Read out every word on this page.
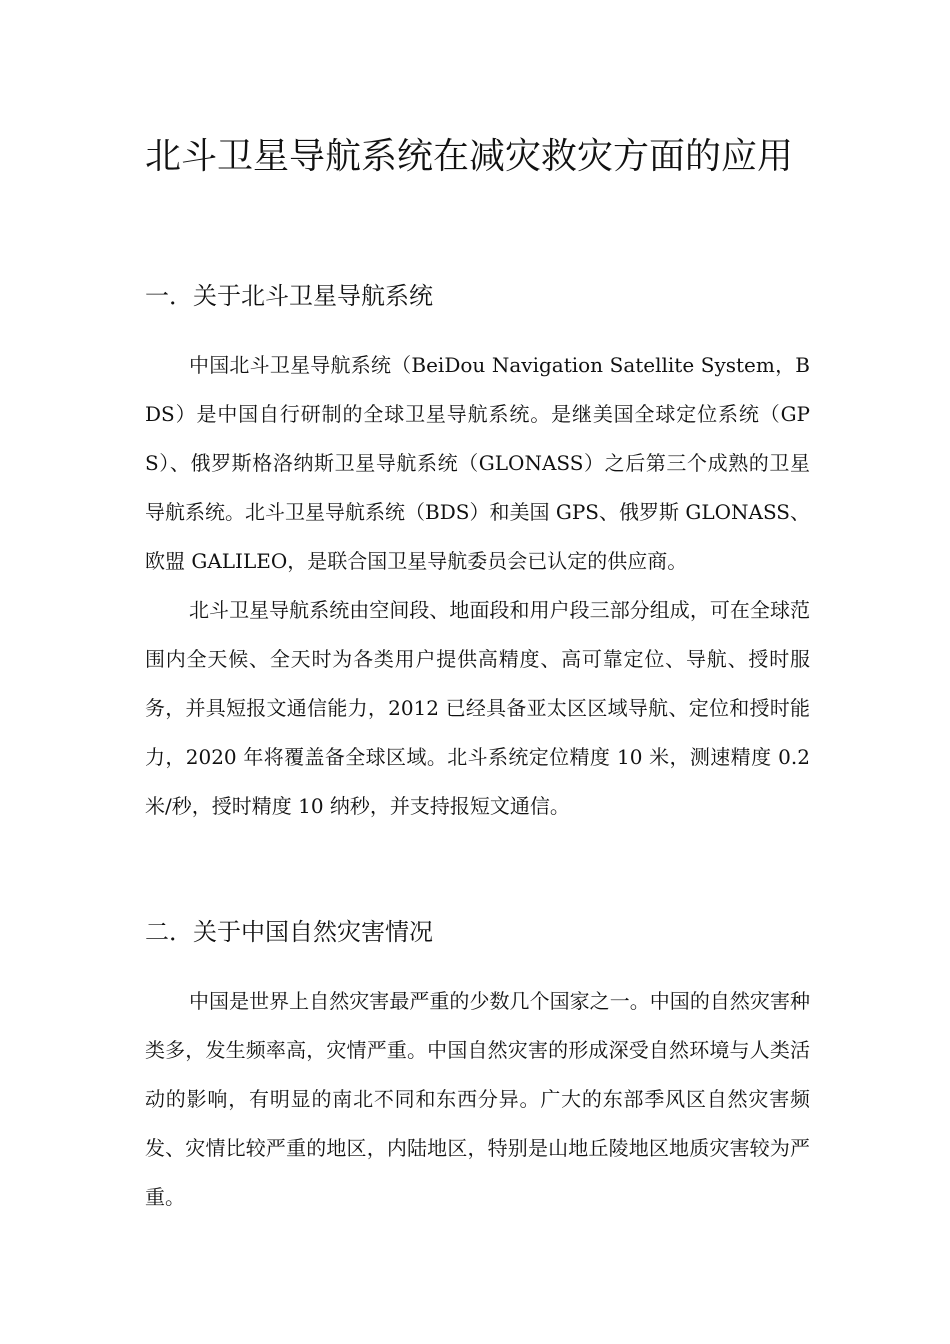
北斗卫星导航系统在减灾救灾方面的应用
一．关于北斗卫星导航系统

中国北斗卫星导航系统（BeiDou Navigation Satellite System，BDS）是中国自行研制的全球卫星导航系统。是继美国全球定位系统（GPS）、俄罗斯格洛纳斯卫星导航系统（GLONASS）之后第三个成熟的卫星导航系统。北斗卫星导航系统（BDS）和美国 GPS、俄罗斯 GLONASS、欧盟 GALILEO，是联合国卫星导航委员会已认定的供应商。

北斗卫星导航系统由空间段、地面段和用户段三部分组成，可在全球范围内全天候、全天时为各类用户提供高精度、高可靠定位、导航、授时服务，并具短报文通信能力，2012 已经具备亚太区区域导航、定位和授时能力，2020 年将覆盖备全球区域。北斗系统定位精度 10 米，测速精度 0.2 米/秒，授时精度 10 纳秒，并支持报短文通信。

二．关于中国自然灾害情况

中国是世界上自然灾害最严重的少数几个国家之一。中国的自然灾害种类多，发生频率高，灾情严重。中国自然灾害的形成深受自然环境与人类活动的影响，有明显的南北不同和东西分异。广大的东部季风区自然灾害频发、灾情比较严重的地区，内陆地区，特别是山地丘陵地区地质灾害较为严重。
